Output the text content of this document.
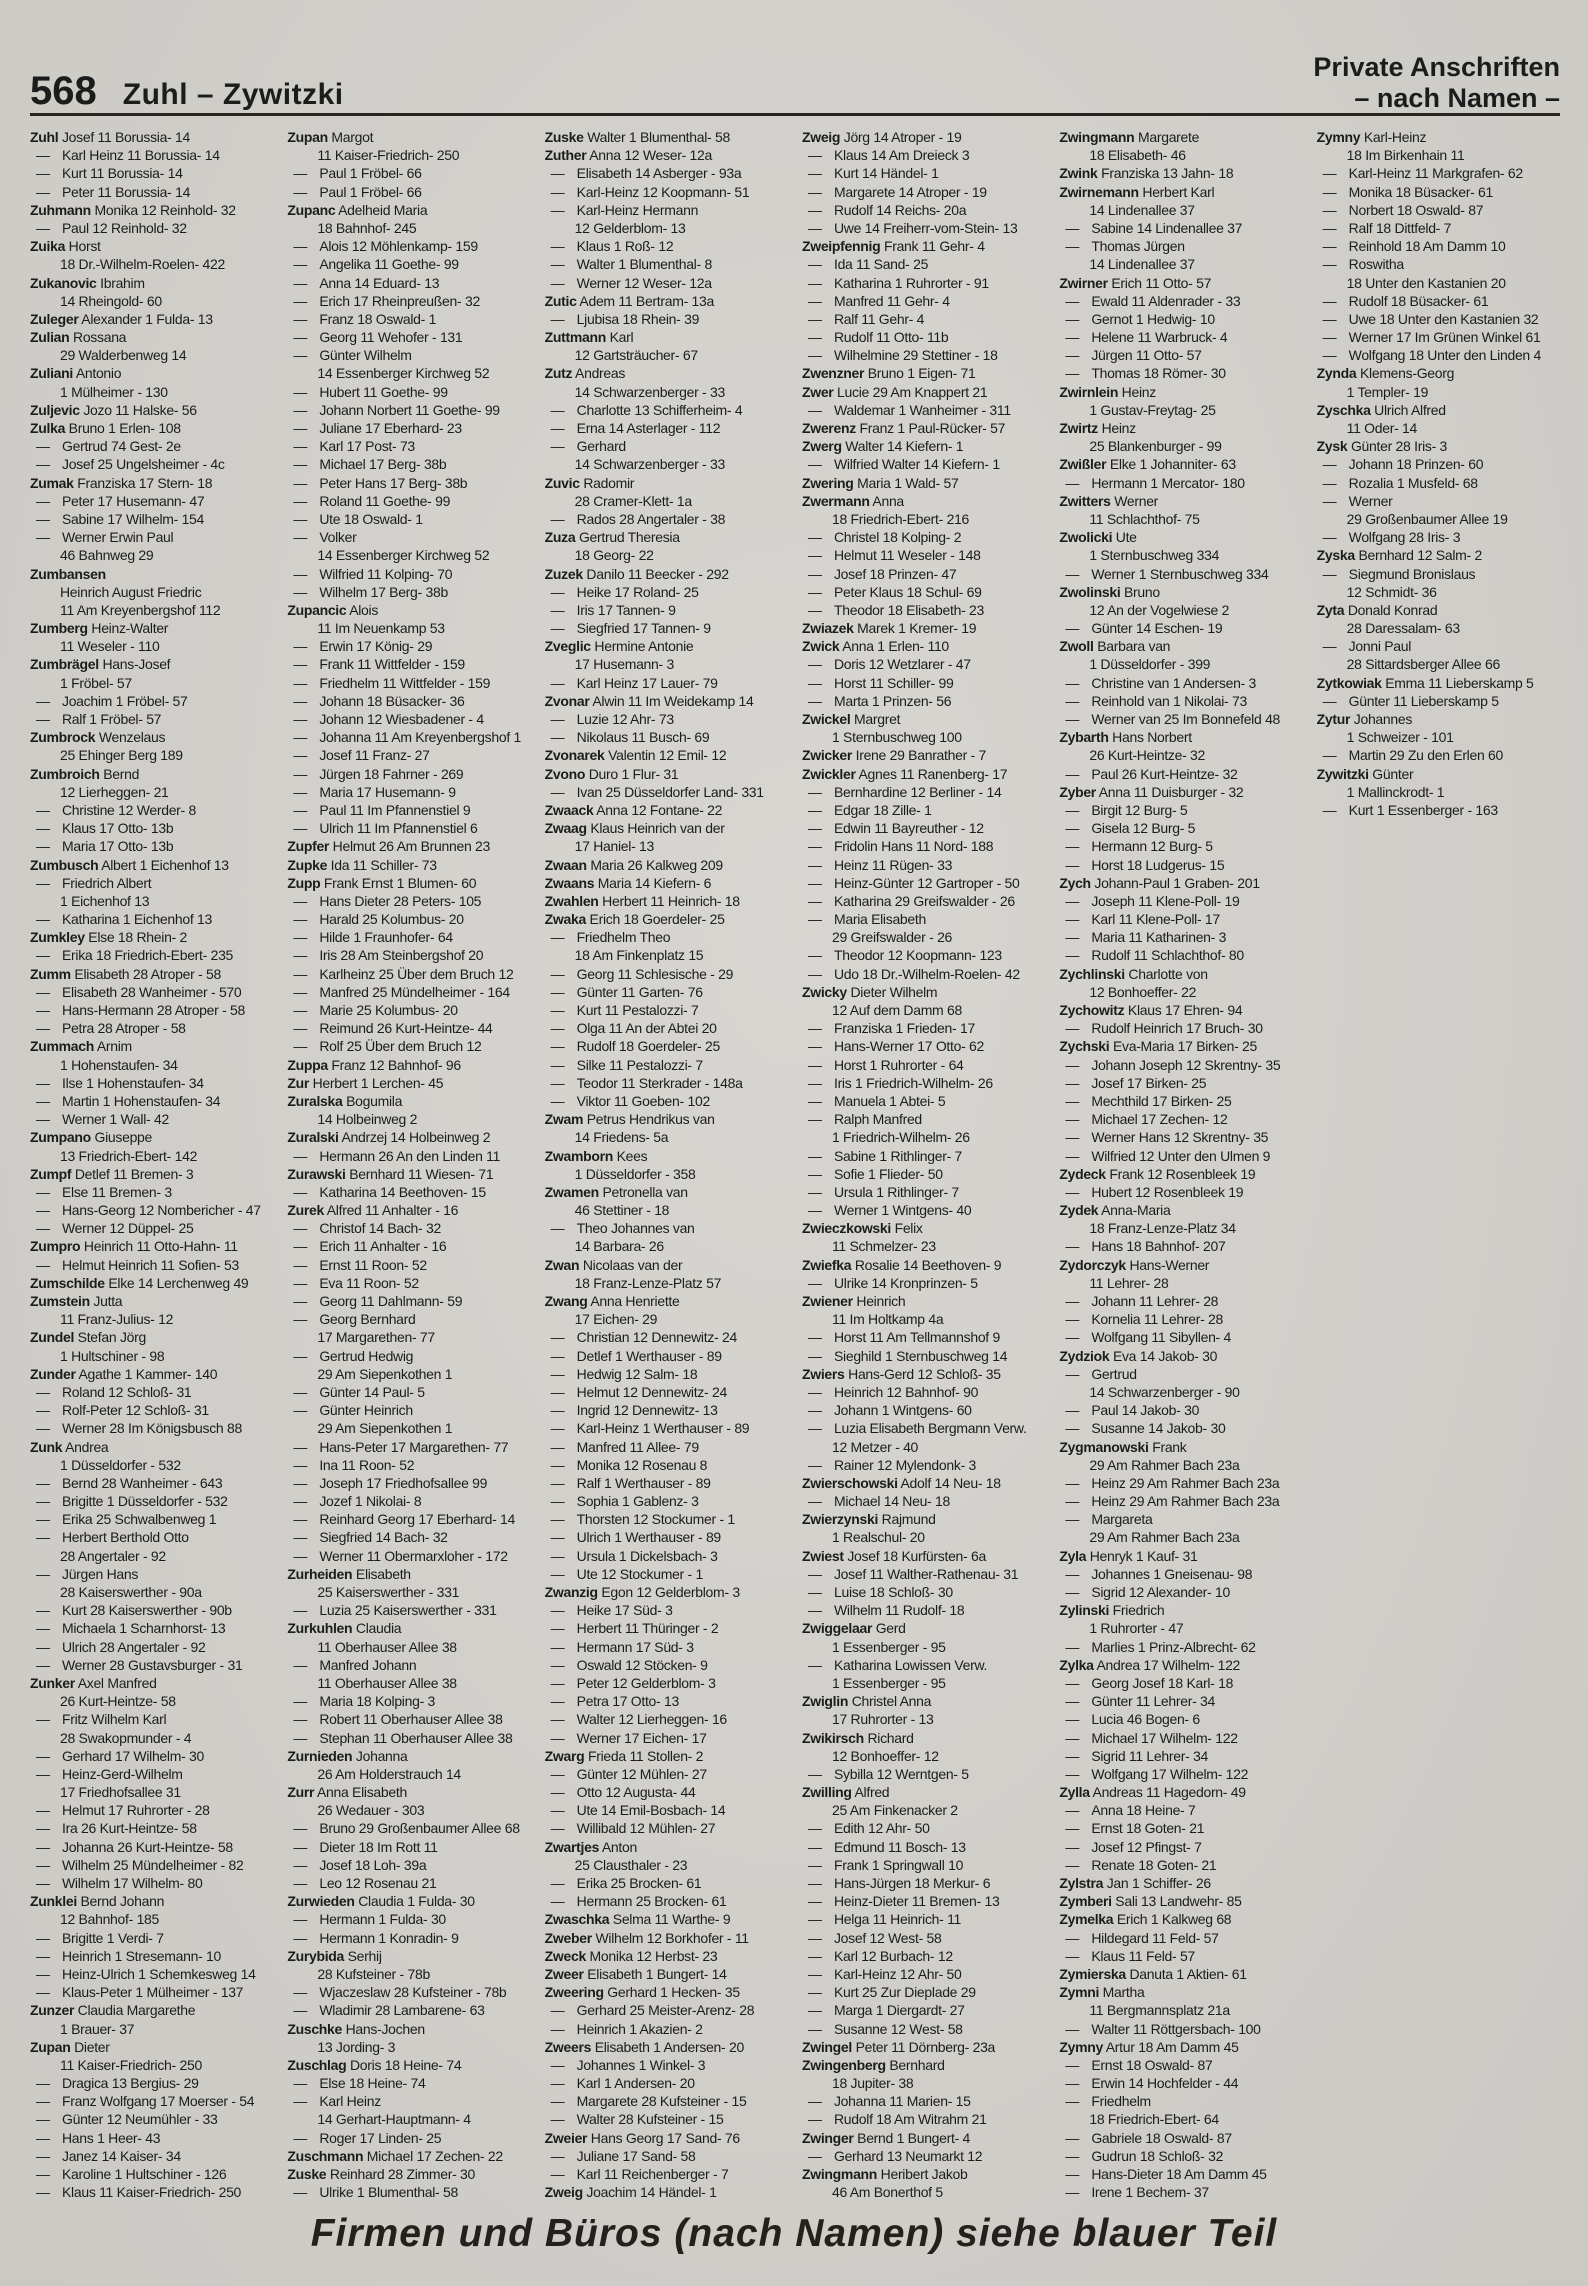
568 Zuhl – Zywitzki
Private Anschriften
– nach Namen –
Zuhl Josef 11 Borussia- 14
— Karl Heinz 11 Borussia- 14
— Kurt 11 Borussia- 14
— Peter 11 Borussia- 14
Zuhmann Monika 12 Reinhold- 32
— Paul 12 Reinhold- 32
Zuika Horst
18 Dr.-Wilhelm-Roelen- 422
Zukanovic Ibrahim
14 Rheingold- 60
Zuleger Alexander 1 Fulda- 13
Zulian Rossana
29 Walderbenweg 14
Zuliani Antonio
1 Mülheimer - 130
Zuljevic Jozo 11 Halske- 56
Zulka Bruno 1 Erlen- 108
— Gertrud 74 Gest- 2e
— Josef 25 Ungelsheimer - 4c
Zumak Franziska 17 Stern- 18
— Peter 17 Husemann- 47
— Sabine 17 Wilhelm- 154
— Werner Erwin Paul
46 Bahnweg 29
Zumbansen
Heinrich August Friedric
11 Am Kreyenbergshof 112
Zumberg Heinz-Walter
11 Weseler - 110
Zumbrägel Hans-Josef
1 Fröbel- 57
— Joachim 1 Fröbel- 57
— Ralf 1 Fröbel- 57
Zumbrock Wenzelaus
25 Ehinger Berg 189
Zumbroich Bernd
12 Lierheggen- 21
— Christine 12 Werder- 8
— Klaus 17 Otto- 13b
— Maria 17 Otto- 13b
Zumbusch Albert 1 Eichenhof 13
— Friedrich Albert
1 Eichenhof 13
— Katharina 1 Eichenhof 13
Zumkley Else 18 Rhein- 2
— Erika 18 Friedrich-Ebert- 235
Zumm Elisabeth 28 Atroper - 58
— Elisabeth 28 Wanheimer - 570
— Hans-Hermann 28 Atroper - 58
— Petra 28 Atroper - 58
Zummach Arnim
1 Hohenstaufen- 34
— Ilse 1 Hohenstaufen- 34
— Martin 1 Hohenstaufen- 34
— Werner 1 Wall- 42
Zumpano Giuseppe
13 Friedrich-Ebert- 142
Zumpf Detlef 11 Bremen- 3
— Else 11 Bremen- 3
— Hans-Georg 12 Nombericher - 47
— Werner 12 Düppel- 25
Zumpro Heinrich 11 Otto-Hahn- 11
— Helmut Heinrich 11 Sofien- 53
Zumschilde Elke 14 Lerchenweg 49
Zumstein Jutta
11 Franz-Julius- 12
Zundel Stefan Jörg
1 Hultschiner - 98
Zunder Agathe 1 Kammer- 140
— Roland 12 Schloß- 31
— Rolf-Peter 12 Schloß- 31
— Werner 28 Im Königsbusch 88
Zunk Andrea
1 Düsseldorfer - 532
— Bernd 28 Wanheimer - 643
— Brigitte 1 Düsseldorfer - 532
— Erika 25 Schwalbenweg 1
— Herbert Berthold Otto
28 Angertaler - 92
— Jürgen Hans
28 Kaiserswerther - 90a
— Kurt 28 Kaiserswerther - 90b
— Michaela 1 Scharnhorst- 13
— Ulrich 28 Angertaler - 92
— Werner 28 Gustavsburger - 31
Zunker Axel Manfred
26 Kurt-Heintze- 58
— Fritz Wilhelm Karl
28 Swakopmunder - 4
— Gerhard 17 Wilhelm- 30
— Heinz-Gerd-Wilhelm
17 Friedhofsallee 31
— Helmut 17 Ruhrorter - 28
— Ira 26 Kurt-Heintze- 58
— Johanna 26 Kurt-Heintze- 58
— Wilhelm 25 Mündelheimer - 82
— Wilhelm 17 Wilhelm- 80
Zunklei Bernd Johann
12 Bahnhof- 185
— Brigitte 1 Verdi- 7
— Heinrich 1 Stresemann- 10
— Heinz-Ulrich 1 Schemkesweg 14
— Klaus-Peter 1 Mülheimer - 137
Zunzer Claudia Margarethe
1 Brauer- 37
Zupan Dieter
11 Kaiser-Friedrich- 250
— Dragica 13 Bergius- 29
— Franz Wolfgang 17 Moerser - 54
— Günter 12 Neumühler - 33
— Hans 1 Heer- 43
— Janez 14 Kaiser- 34
— Karoline 1 Hultschiner - 126
— Klaus 11 Kaiser-Friedrich- 250
Zupan Margot
11 Kaiser-Friedrich- 250
— Paul 1 Fröbel- 66
— Paul 1 Fröbel- 66
Zupanc Adelheid Maria
18 Bahnhof- 245
— Alois 12 Möhlenkamp- 159
— Angelika 11 Goethe- 99
— Anna 14 Eduard- 13
— Erich 17 Rheinpreußen- 32
— Franz 18 Oswald- 1
— Georg 11 Wehofer - 131
— Günter Wilhelm
14 Essenberger Kirchweg 52
— Hubert 11 Goethe- 99
— Johann Norbert 11 Goethe- 99
— Juliane 17 Eberhard- 23
— Karl 17 Post- 73
— Michael 17 Berg- 38b
— Peter Hans 17 Berg- 38b
— Roland 11 Goethe- 99
— Ute 18 Oswald- 1
— Volker
14 Essenberger Kirchweg 52
— Wilfried 11 Kolping- 70
— Wilhelm 17 Berg- 38b
Zupancic Alois
11 Im Neuenkamp 53
— Erwin 17 König- 29
— Frank 11 Wittfelder - 159
— Friedhelm 11 Wittfelder - 159
— Johann 18 Büsacker- 36
— Johann 12 Wiesbadener - 4
— Johanna 11 Am Kreyenbergshof 1
— Josef 11 Franz- 27
— Jürgen 18 Fahrner - 269
— Maria 17 Husemann- 9
— Paul 11 Im Pfannenstiel 9
— Ulrich 11 Im Pfannenstiel 6
Zupfer Helmut 26 Am Brunnen 23
Zupke Ida 11 Schiller- 73
Zupp Frank Ernst 1 Blumen- 60
— Hans Dieter 28 Peters- 105
— Harald 25 Kolumbus- 20
— Hilde 1 Fraunhofer- 64
— Iris 28 Am Steinbergshof 20
— Karlheinz 25 Über dem Bruch 12
— Manfred 25 Mündelheimer - 164
— Marie 25 Kolumbus- 20
— Reimund 26 Kurt-Heintze- 44
— Rolf 25 Über dem Bruch 12
Zuppa Franz 12 Bahnhof- 96
Zur Herbert 1 Lerchen- 45
Zuralska Bogumila
14 Holbeinweg 2
Zuralski Andrzej 14 Holbeinweg 2
— Hermann 26 An den Linden 11
Zurawski Bernhard 11 Wiesen- 71
— Katharina 14 Beethoven- 15
Zurek Alfred 11 Anhalter - 16
— Christof 14 Bach- 32
— Erich 11 Anhalter - 16
— Ernst 11 Roon- 52
— Eva 11 Roon- 52
— Georg 11 Dahlmann- 59
— Georg Bernhard
17 Margarethen- 77
— Gertrud Hedwig
29 Am Siepenkothen 1
— Günter 14 Paul- 5
— Günter Heinrich
29 Am Siepenkothen 1
— Hans-Peter 17 Margarethen- 77
— Ina 11 Roon- 52
— Joseph 17 Friedhofsallee 99
— Jozef 1 Nikolai- 8
— Reinhard Georg 17 Eberhard- 14
— Siegfried 14 Bach- 32
— Werner 11 Obermarxloher - 172
Zurheiden Elisabeth
25 Kaiserswerther - 331
— Luzia 25 Kaiserswerther - 331
Zurkuhlen Claudia
11 Oberhauser Allee 38
— Manfred Johann
11 Oberhauser Allee 38
— Maria 18 Kolping- 3
— Robert 11 Oberhauser Allee 38
— Stephan 11 Oberhauser Allee 38
Zurnieden Johanna
26 Am Holderstrauch 14
Zurr Anna Elisabeth
26 Wedauer - 303
— Bruno 29 Großenbaumer Allee 68
— Dieter 18 Im Rott 11
— Josef 18 Loh- 39a
— Leo 12 Rosenau 21
Zurwieden Claudia 1 Fulda- 30
— Hermann 1 Fulda- 30
— Hermann 1 Konradin- 9
Zurybida Serhij
28 Kufsteiner - 78b
— Wjaczeslaw 28 Kufsteiner - 78b
— Wladimir 28 Lambarene- 63
Zuschke Hans-Jochen
13 Jording- 3
Zuschlag Doris 18 Heine- 74
— Else 18 Heine- 74
— Karl Heinz
14 Gerhart-Hauptmann- 4
— Roger 17 Linden- 25
Zuschmann Michael 17 Zechen- 22
Zuske Reinhard 28 Zimmer- 30
— Ulrike 1 Blumenthal- 58
Zuske Walter 1 Blumenthal- 58
Zuther Anna 12 Weser- 12a
— Elisabeth 14 Asberger - 93a
— Karl-Heinz 12 Koopmann- 51
— Karl-Heinz Hermann
12 Gelderblom- 13
— Klaus 1 Roß- 12
— Walter 1 Blumenthal- 8
— Werner 12 Weser- 12a
Zutic Adem 11 Bertram- 13a
— Ljubisa 18 Rhein- 39
Zuttmann Karl
12 Gartsträucher- 67
Zutz Andreas
14 Schwarzenberger - 33
— Charlotte 13 Schifferheim- 4
— Erna 14 Asterlager - 112
— Gerhard
14 Schwarzenberger - 33
Zuvic Radomir
28 Cramer-Klett- 1a
— Rados 28 Angertaler - 38
Zuza Gertrud Theresia
18 Georg- 22
Zuzek Danilo 11 Beecker - 292
— Heike 17 Roland- 25
— Iris 17 Tannen- 9
— Siegfried 17 Tannen- 9
Zveglic Hermine Antonie
17 Husemann- 3
— Karl Heinz 17 Lauer- 79
Zvonar Alwin 11 Im Weidekamp 14
— Luzie 12 Ahr- 73
— Nikolaus 11 Busch- 69
Zvonarek Valentin 12 Emil- 12
Zvono Duro 1 Flur- 31
— Ivan 25 Düsseldorfer Land- 331
Zwaack Anna 12 Fontane- 22
Zwaag Klaus Heinrich van der
17 Haniel- 13
Zwaan Maria 26 Kalkweg 209
Zwaans Maria 14 Kiefern- 6
Zwahlen Herbert 11 Heinrich- 18
Zwaka Erich 18 Goerdeler- 25
— Friedhelm Theo
18 Am Finkenplatz 15
— Georg 11 Schlesische - 29
— Günter 11 Garten- 76
— Kurt 11 Pestalozzi- 7
— Olga 11 An der Abtei 20
— Rudolf 18 Goerdeler- 25
— Silke 11 Pestalozzi- 7
— Teodor 11 Sterkrader - 148a
— Viktor 11 Goeben- 102
Zwam Petrus Hendrikus van
14 Friedens- 5a
Zwamborn Kees
1 Düsseldorfer - 358
Zwamen Petronella van
46 Stettiner - 18
— Theo Johannes van
14 Barbara- 26
Zwan Nicolaas van der
18 Franz-Lenze-Platz 57
Zwang Anna Henriette
17 Eichen- 29
— Christian 12 Dennewitz- 24
— Detlef 1 Werthauser - 89
— Hedwig 12 Salm- 18
— Helmut 12 Dennewitz- 24
— Ingrid 12 Dennewitz- 13
— Karl-Heinz 1 Werthauser - 89
— Manfred 11 Allee- 79
— Monika 12 Rosenau 8
— Ralf 1 Werthauser - 89
— Sophia 1 Gablenz- 3
— Thorsten 12 Stockumer - 1
— Ulrich 1 Werthauser - 89
— Ursula 1 Dickelsbach- 3
— Ute 12 Stockumer - 1
Zwanzig Egon 12 Gelderblom- 3
— Heike 17 Süd- 3
— Herbert 11 Thüringer - 2
— Hermann 17 Süd- 3
— Oswald 12 Stöcken- 9
— Peter 12 Gelderblom- 3
— Petra 17 Otto- 13
— Walter 12 Lierheggen- 16
— Werner 17 Eichen- 17
Zwarg Frieda 11 Stollen- 2
— Günter 12 Mühlen- 27
— Otto 12 Augusta- 44
— Ute 14 Emil-Bosbach- 14
— Willibald 12 Mühlen- 27
Zwartjes Anton
25 Clausthaler - 23
— Erika 25 Brocken- 61
— Hermann 25 Brocken- 61
Zwaschka Selma 11 Warthe- 9
Zweber Wilhelm 12 Borkhofer - 11
Zweck Monika 12 Herbst- 23
Zweer Elisabeth 1 Bungert- 14
Zweering Gerhard 1 Hecken- 35
— Gerhard 25 Meister-Arenz- 28
— Heinrich 1 Akazien- 2
Zweers Elisabeth 1 Andersen- 20
— Johannes 1 Winkel- 3
— Karl 1 Andersen- 20
— Margarete 28 Kufsteiner - 15
— Walter 28 Kufsteiner - 15
Zweier Hans Georg 17 Sand- 76
— Juliane 17 Sand- 58
— Karl 11 Reichenberger - 7
Zweig Joachim 14 Händel- 1
Zweig Jörg 14 Atroper - 19
— Klaus 14 Am Dreieck 3
— Kurt 14 Händel- 1
— Margarete 14 Atroper - 19
— Rudolf 14 Reichs- 20a
— Uwe 14 Freiherr-vom-Stein- 13
Zweipfennig Frank 11 Gehr- 4
— Ida 11 Sand- 25
— Katharina 1 Ruhrorter - 91
— Manfred 11 Gehr- 4
— Ralf 11 Gehr- 4
— Rudolf 11 Otto- 11b
— Wilhelmine 29 Stettiner - 18
Zwenzner Bruno 1 Eigen- 71
Zwer Lucie 29 Am Knappert 21
— Waldemar 1 Wanheimer - 311
Zwerenz Franz 1 Paul-Rücker- 57
Zwerg Walter 14 Kiefern- 1
— Wilfried Walter 14 Kiefern- 1
Zwering Maria 1 Wald- 57
Zwermann Anna
18 Friedrich-Ebert- 216
— Christel 18 Kolping- 2
— Helmut 11 Weseler - 148
— Josef 18 Prinzen- 47
— Peter Klaus 18 Schul- 69
— Theodor 18 Elisabeth- 23
Zwiazek Marek 1 Kremer- 19
Zwick Anna 1 Erlen- 110
— Doris 12 Wetzlarer - 47
— Horst 11 Schiller- 99
— Marta 1 Prinzen- 56
Zwickel Margret
1 Sternbuschweg 100
Zwicker Irene 29 Banrather - 7
Zwickler Agnes 11 Ranenberg- 17
— Bernhardine 12 Berliner - 14
— Edgar 18 Zille- 1
— Edwin 11 Bayreuther - 12
— Fridolin Hans 11 Nord- 188
— Heinz 11 Rügen- 33
— Heinz-Günter 12 Gartroper - 50
— Katharina 29 Greifswalder - 26
— Maria Elisabeth
29 Greifswalder - 26
— Theodor 12 Koopmann- 123
— Udo 18 Dr.-Wilhelm-Roelen- 42
Zwicky Dieter Wilhelm
12 Auf dem Damm 68
— Franziska 1 Frieden- 17
— Hans-Werner 17 Otto- 62
— Horst 1 Ruhrorter - 64
— Iris 1 Friedrich-Wilhelm- 26
— Manuela 1 Abtei- 5
— Ralph Manfred
1 Friedrich-Wilhelm- 26
— Sabine 1 Rithlinger- 7
— Sofie 1 Flieder- 50
— Ursula 1 Rithlinger- 7
— Werner 1 Wintgens- 40
Zwieczkowski Felix
11 Schmelzer- 23
Zwiefka Rosalie 14 Beethoven- 9
— Ulrike 14 Kronprinzen- 5
Zwiener Heinrich
11 Im Holtkamp 4a
— Horst 11 Am Tellmannshof 9
— Sieghild 1 Sternbuschweg 14
Zwiers Hans-Gerd 12 Schloß- 35
— Heinrich 12 Bahnhof- 90
— Johann 1 Wintgens- 60
— Luzia Elisabeth Bergmann Verw.
12 Metzer - 40
— Rainer 12 Mylendonk- 3
Zwierschowski Adolf 14 Neu- 18
— Michael 14 Neu- 18
Zwierzynski Rajmund
1 Realschul- 20
Zwiest Josef 18 Kurfürsten- 6a
— Josef 11 Walther-Rathenau- 31
— Luise 18 Schloß- 30
— Wilhelm 11 Rudolf- 18
Zwiggelaar Gerd
1 Essenberger - 95
— Katharina Lowissen Verw.
1 Essenberger - 95
Zwiglin Christel Anna
17 Ruhrorter - 13
Zwikirsch Richard
12 Bonhoeffer- 12
— Sybilla 12 Werntgen- 5
Zwilling Alfred
25 Am Finkenacker 2
— Edith 12 Ahr- 50
— Edmund 11 Bosch- 13
— Frank 1 Springwall 10
— Hans-Jürgen 18 Merkur- 6
— Heinz-Dieter 11 Bremen- 13
— Helga 11 Heinrich- 11
— Josef 12 West- 58
— Karl 12 Burbach- 12
— Karl-Heinz 12 Ahr- 50
— Kurt 25 Zur Dieplade 29
— Marga 1 Diergardt- 27
— Susanne 12 West- 58
Zwingel Peter 11 Dörnberg- 23a
Zwingenberg Bernhard
18 Jupiter- 38
— Johanna 11 Marien- 15
— Rudolf 18 Am Witrahm 21
Zwinger Bernd 1 Bungert- 4
— Gerhard 13 Neumarkt 12
Zwingmann Heribert Jakob
46 Am Bonerthof 5
Zwingmann Margarete
18 Elisabeth- 46
Zwink Franziska 13 Jahn- 18
Zwirnemann Herbert Karl
14 Lindenallee 37
— Sabine 14 Lindenallee 37
— Thomas Jürgen
14 Lindenallee 37
Zwirner Erich 11 Otto- 57
— Ewald 11 Aldenrader - 33
— Gernot 1 Hedwig- 10
— Helene 11 Warbruck- 4
— Jürgen 11 Otto- 57
— Thomas 18 Römer- 30
Zwirnlein Heinz
1 Gustav-Freytag- 25
Zwirtz Heinz
25 Blankenburger - 99
Zwißler Elke 1 Johanniter- 63
— Hermann 1 Mercator- 180
Zwitters Werner
11 Schlachthof- 75
Zwolicki Ute
1 Sternbuschweg 334
— Werner 1 Sternbuschweg 334
Zwolinski Bruno
12 An der Vogelwiese 2
— Günter 14 Eschen- 19
Zwoll Barbara van
1 Düsseldorfer - 399
— Christine van 1 Andersen- 3
— Reinhold van 1 Nikolai- 73
— Werner van 25 Im Bonnefeld 48
Zybarth Hans Norbert
26 Kurt-Heintze- 32
— Paul 26 Kurt-Heintze- 32
Zyber Anna 11 Duisburger - 32
— Birgit 12 Burg- 5
— Gisela 12 Burg- 5
— Hermann 12 Burg- 5
— Horst 18 Ludgerus- 15
Zych Johann-Paul 1 Graben- 201
— Joseph 11 Klene-Poll- 19
— Karl 11 Klene-Poll- 17
— Maria 11 Katharinen- 3
— Rudolf 11 Schlachthof- 80
Zychlinski Charlotte von
12 Bonhoeffer- 22
Zychowitz Klaus 17 Ehren- 94
— Rudolf Heinrich 17 Bruch- 30
Zychski Eva-Maria 17 Birken- 25
— Johann Joseph 12 Skrentny- 35
— Josef 17 Birken- 25
— Mechthild 17 Birken- 25
— Michael 17 Zechen- 12
— Werner Hans 12 Skrentny- 35
— Wilfried 12 Unter den Ulmen 9
Zydeck Frank 12 Rosenbleek 19
— Hubert 12 Rosenbleek 19
Zydek Anna-Maria
18 Franz-Lenze-Platz 34
— Hans 18 Bahnhof- 207
Zydorczyk Hans-Werner
11 Lehrer- 28
— Johann 11 Lehrer- 28
— Kornelia 11 Lehrer- 28
— Wolfgang 11 Sibyllen- 4
Zydziok Eva 14 Jakob- 30
— Gertrud
14 Schwarzenberger - 90
— Paul 14 Jakob- 30
— Susanne 14 Jakob- 30
Zygmanowski Frank
29 Am Rahmer Bach 23a
— Heinz 29 Am Rahmer Bach 23a
— Heinz 29 Am Rahmer Bach 23a
— Margareta
29 Am Rahmer Bach 23a
Zyla Henryk 1 Kauf- 31
— Johannes 1 Gneisenau- 98
— Sigrid 12 Alexander- 10
Zylinski Friedrich
1 Ruhrorter - 47
— Marlies 1 Prinz-Albrecht- 62
Zylka Andrea 17 Wilhelm- 122
— Georg Josef 18 Karl- 18
— Günter 11 Lehrer- 34
— Lucia 46 Bogen- 6
— Michael 17 Wilhelm- 122
— Sigrid 11 Lehrer- 34
— Wolfgang 17 Wilhelm- 122
Zylla Andreas 11 Hagedorn- 49
— Anna 18 Heine- 7
— Ernst 18 Goten- 21
— Josef 12 Pfingst- 7
— Renate 18 Goten- 21
Zylstra Jan 1 Schiffer- 26
Zymberi Sali 13 Landwehr- 85
Zymelka Erich 1 Kalkweg 68
— Hildegard 11 Feld- 57
— Klaus 11 Feld- 57
Zymierska Danuta 1 Aktien- 61
Zymni Martha
11 Bergmannsplatz 21a
— Walter 11 Röttgersbach- 100
Zymny Artur 18 Am Damm 45
— Ernst 18 Oswald- 87
— Erwin 14 Hochfelder - 44
— Friedhelm
18 Friedrich-Ebert- 64
— Gabriele 18 Oswald- 87
— Gudrun 18 Schloß- 32
— Hans-Dieter 18 Am Damm 45
— Irene 1 Bechem- 37
Zymny Karl-Heinz
18 Im Birkenhain 11
— Karl-Heinz 11 Markgrafen- 62
— Monika 18 Büsacker- 61
— Norbert 18 Oswald- 87
— Ralf 18 Dittfeld- 7
— Reinhold 18 Am Damm 10
— Roswitha
18 Unter den Kastanien 20
— Rudolf 18 Büsacker- 61
— Uwe 18 Unter den Kastanien 32
— Werner 17 Im Grünen Winkel 61
— Wolfgang 18 Unter den Linden 4
Zynda Klemens-Georg
1 Templer- 19
Zyschka Ulrich Alfred
11 Oder- 14
Zysk Günter 28 Iris- 3
— Johann 18 Prinzen- 60
— Rozalia 1 Musfeld- 68
— Werner
29 Großenbaumer Allee 19
— Wolfgang 28 Iris- 3
Zyska Bernhard 12 Salm- 2
— Siegmund Bronislaus
12 Schmidt- 36
Zyta Donald Konrad
28 Daressalam- 63
— Jonni Paul
28 Sittardsberger Allee 66
Zytkowiak Emma 11 Lieberskamp 5
— Günter 11 Lieberskamp 5
Zytur Johannes
1 Schweizer - 101
— Martin 29 Zu den Erlen 60
Zywitzki Günter
1 Mallinckrodt- 1
— Kurt 1 Essenberger - 163
Firmen und Büros (nach Namen) siehe blauer Teil
